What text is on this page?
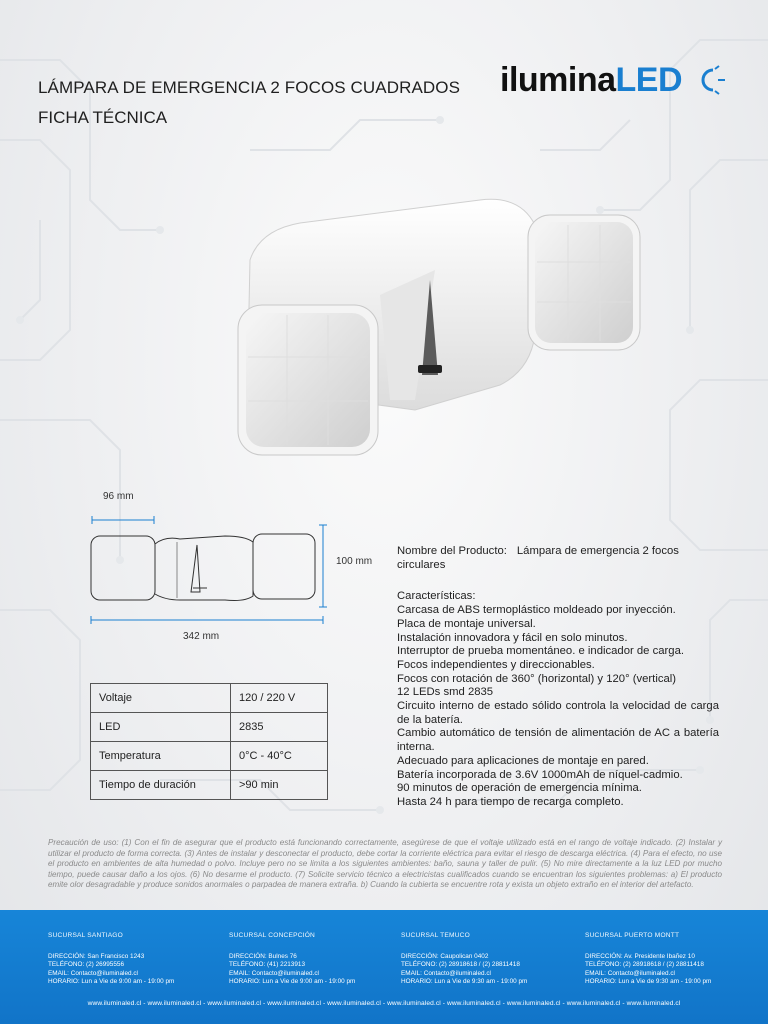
LÁMPARA DE EMERGENCIA 2 FOCOS CUADRADOS
FICHA TÉCNICA
iluminaLED
96 mm
100 mm
342 mm
Voltaje	120 / 220 V
LED	2835
Temperatura	0°C - 40°C
Tiempo de duración	>90 min
Nombre del Producto: Lámpara de emergencia 2 focos circulares
Características:
Carcasa de ABS termoplástico moldeado por inyección.
Placa de montaje universal.
Instalación innovadora y fácil en solo minutos.
Interruptor de prueba momentáneo. e indicador de carga.
Focos independientes y direccionables.
Focos con rotación de 360° (horizontal) y 120° (vertical)
12 LEDs smd 2835
Circuito interno de estado sólido controla la velocidad de carga de la batería.
Cambio automático de tensión de alimentación de AC a batería interna.
Adecuado para aplicaciones de montaje en pared.
Batería incorporada de 3.6V 1000mAh de níquel-cadmio.
90 minutos de operación de emergencia mínima.
Hasta 24 h para tiempo de recarga completo.
Precaución de uso: (1) Con el fin de asegurar que el producto está funcionando correctamente, asegúrese de que el voltaje utilizado está en el rango de voltaje indicado. (2) Instalar y utilizar el producto de forma correcta. (3) Antes de instalar y desconectar el producto, debe cortar la corriente eléctrica para evitar el riesgo de descarga eléctrica. (4) Para el efecto, no use el producto en ambientes de alta humedad o polvo. Incluye pero no se limita a los siguientes ambientes: baño, sauna y taller de pulir. (5) No mire directamente a la luz LED por mucho tiempo, puede causar daño a los ojos. (6) No desarme el producto. (7) Solicite servicio técnico a electricistas cualificados cuando se encuentran los siguientes problemas: a) El producto emite olor desagradable y produce sonidos anormales o parpadea de manera extraña. b) Cuando la cubierta se encuentre rota y exista un objeto extraño en el interior del artefacto.
SUCURSAL SANTIAGO
DIRECCIÓN: San Francisco 1243
TELÉFONO: (2) 26995556
EMAIL: Contacto@iluminaled.cl
HORARIO: Lun a Vie de 9:00 am - 19:00 pm
SUCURSAL CONCEPCIÓN
DIRECCIÓN: Bulnes 76
TELÉFONO: (41) 2213913
EMAIL: Contacto@iluminaled.cl
HORARIO: Lun a Vie de 9:00 am - 19:00 pm
SUCURSAL TEMUCO
DIRECCIÓN: Caupolican 0402
TELÉFONO: (2) 28918618 / (2) 28811418
EMAIL: Contacto@iluminaled.cl
HORARIO: Lun a Vie de 9:30 am - 19:00 pm
SUCURSAL PUERTO MONTT
DIRECCIÓN: Av. Presidente Ibañez 10
TELÉFONO: (2) 28918618 / (2) 28811418
EMAIL: Contacto@iluminaled.cl
HORARIO: Lun a Vie de 9:30 am - 19:00 pm
www.iluminaled.cl - www.iluminaled.cl - www.iluminaled.cl - www.iluminaled.cl - www.iluminaled.cl - www.iluminaled.cl - www.iluminaled.cl - www.iluminaled.cl - www.iluminaled.cl - www.iluminaled.cl
